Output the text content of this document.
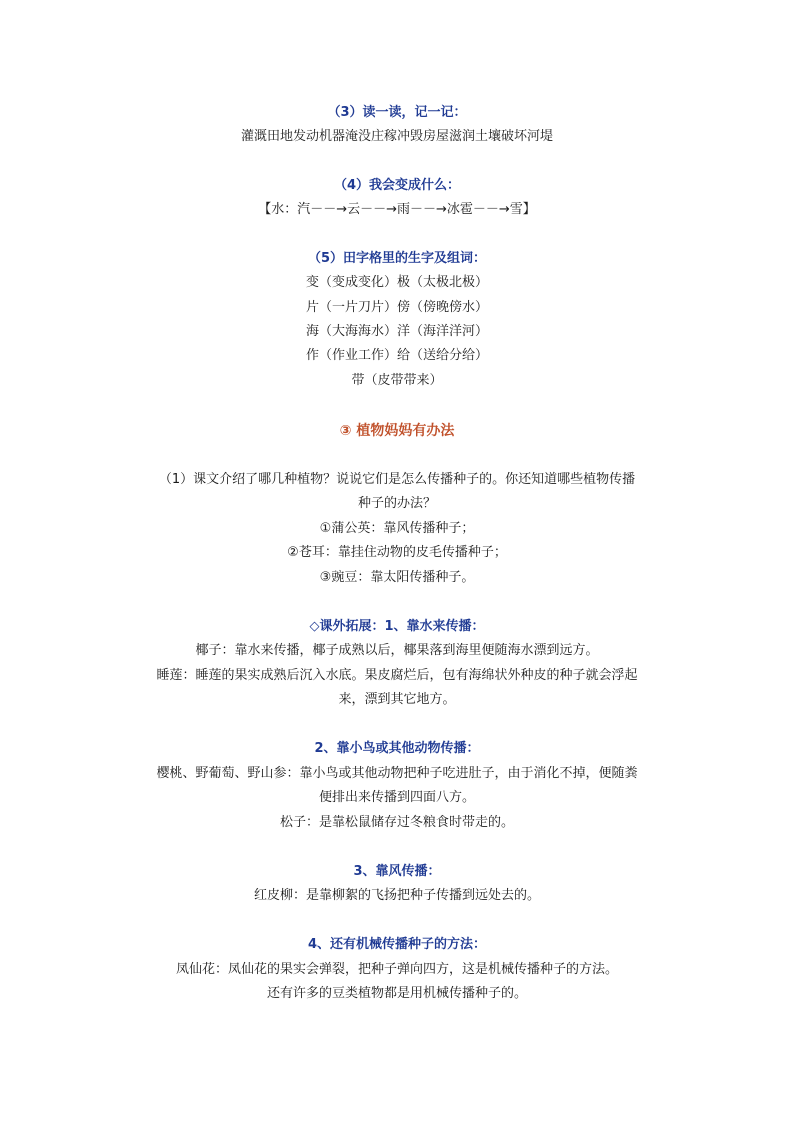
（3）读一读，记一记：
灌溉田地发动机器淹没庄稼冲毁房屋滋润土壤破坏河堤
（4）我会变成什么：
【水：汽－－→云－－→雨－－→冰雹－－→雪】
（5）田字格里的生字及组词：
变（变成变化）极（太极北极）
片（一片刀片）傍（傍晚傍水）
海（大海海水）洋（海洋洋河）
作（作业工作）给（送给分给）
带（皮带带来）
③ 植物妈妈有办法
（1）课文介绍了哪几种植物？说说它们是怎么传播种子的。你还知道哪些植物传播
种子的办法？
①蒲公英：靠风传播种子；
②苍耳：靠挂住动物的皮毛传播种子；
③豌豆：靠太阳传播种子。
◇课外拓展：1、靠水来传播：
椰子：靠水来传播，椰子成熟以后，椰果落到海里便随海水漂到远方。
睡莲：睡莲的果实成熟后沉入水底。果皮腐烂后，包有海绵状外种皮的种子就会浮起
来，漂到其它地方。
2、靠小鸟或其他动物传播：
樱桃、野葡萄、野山参：靠小鸟或其他动物把种子吃进肚子，由于消化不掉，便随粪
便排出来传播到四面八方。
松子：是靠松鼠储存过冬粮食时带走的。
3、靠风传播：
红皮柳：是靠柳絮的飞扬把种子传播到远处去的。
4、还有机械传播种子的方法：
凤仙花：凤仙花的果实会弹裂，把种子弹向四方，这是机械传播种子的方法。
还有许多的豆类植物都是用机械传播种子的。
